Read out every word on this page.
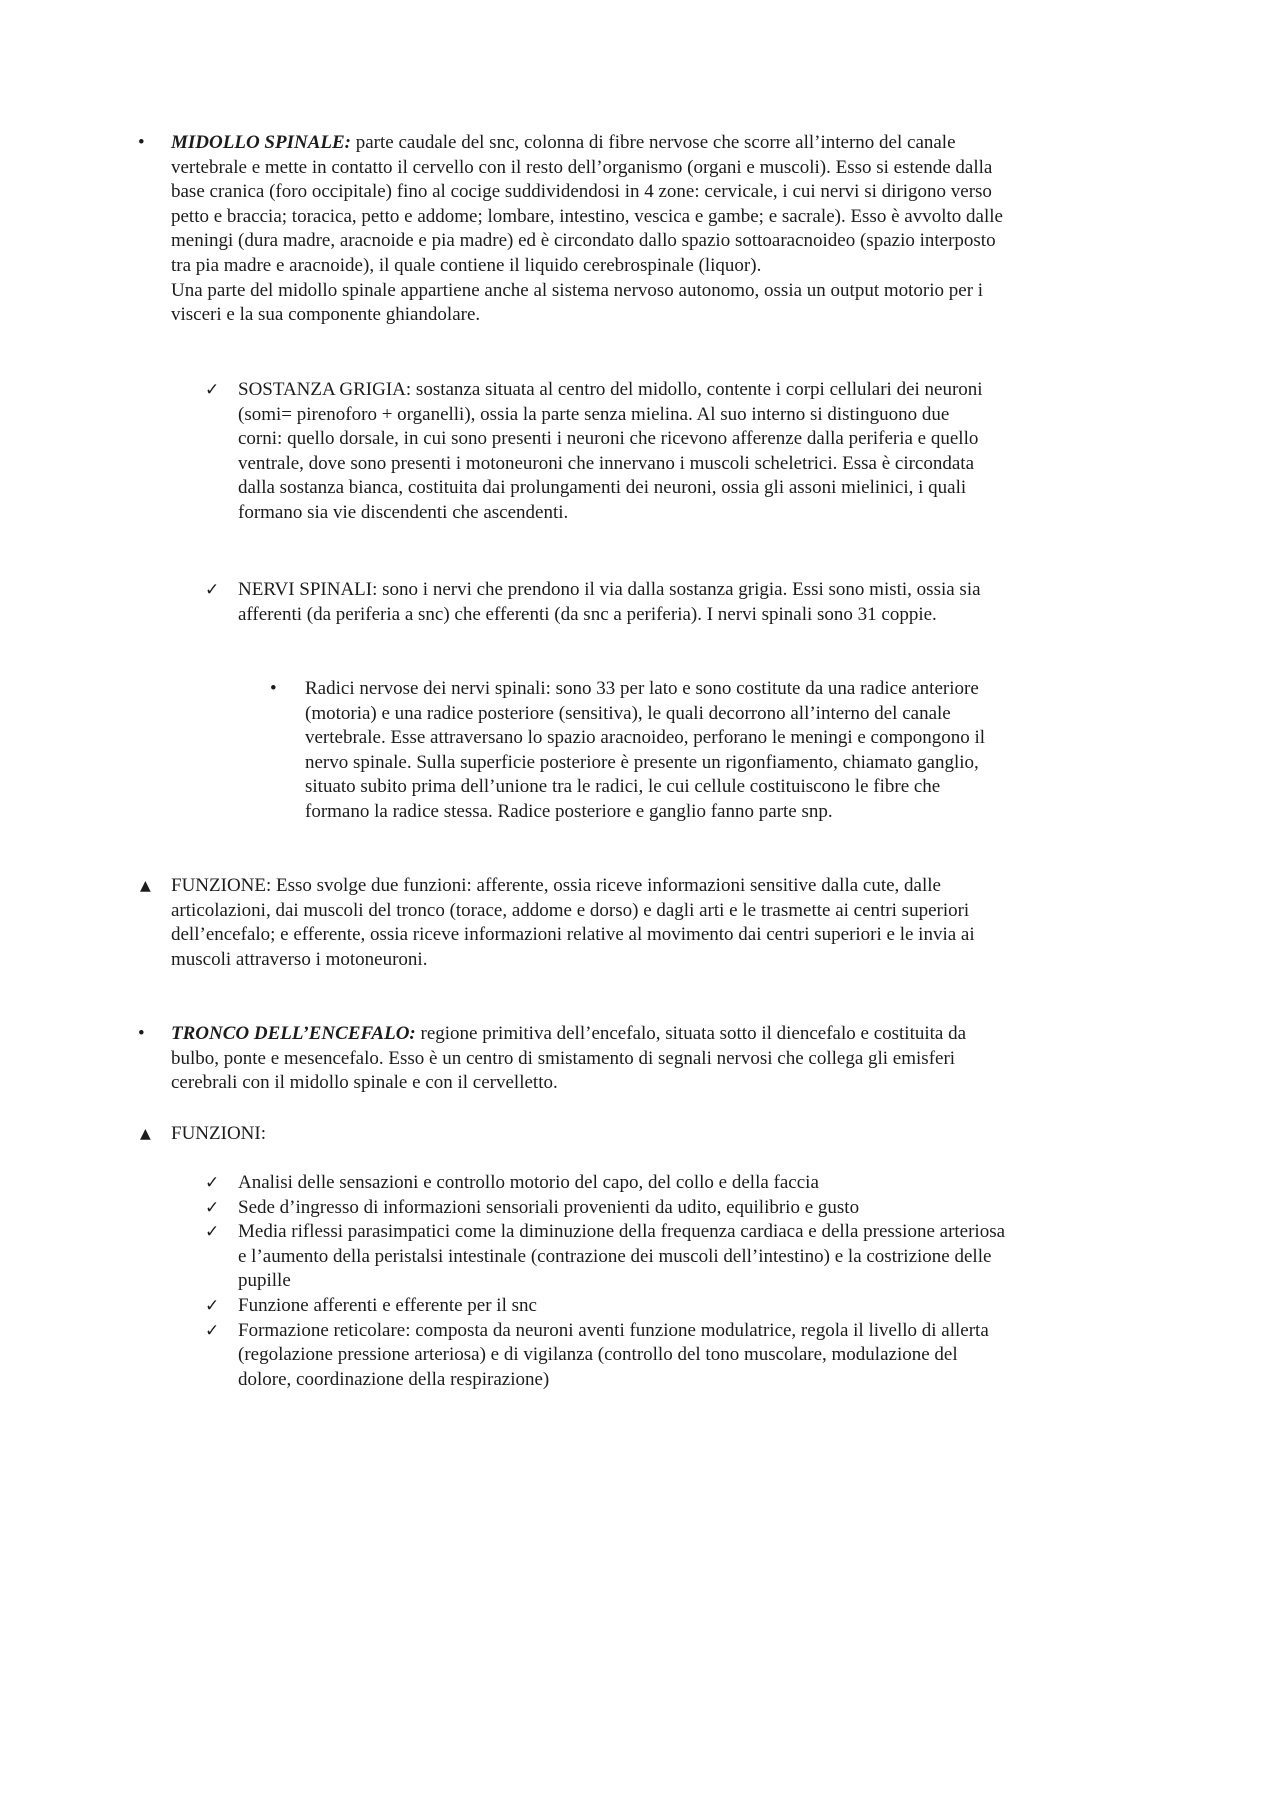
• MIDOLLO SPINALE: parte caudale del snc, colonna di fibre nervose che scorre all’interno del canale vertebrale e mette in contatto il cervello con il resto dell’organismo (organi e muscoli). Esso si estende dalla base cranica (foro occipitale) fino al cocige suddividendosi in 4 zone: cervicale, i cui nervi si dirigono verso petto e braccia; toracica, petto e addome; lombare, intestino, vescica e gambe; e sacrale). Esso è avvolto dalle meningi (dura madre, aracnoide e pia madre) ed è circondato dallo spazio sottoaracnoideo (spazio interposto tra pia madre e aracnoide), il quale contiene il liquido cerebrospinale (liquor).

Una parte del midollo spinale appartiene anche al sistema nervoso autonomo, ossia un output motorio per i visceri e la sua componente ghiandolare.

✓ SOSTANZA GRIGIA: sostanza situata al centro del midollo, contente i corpi cellulari dei neuroni (somi= pirenoforo + organelli), ossia la parte senza mielina. Al suo interno si distinguono due corni: quello dorsale, in cui sono presenti i neuroni che ricevono afferenze dalla periferia e quello ventrale, dove sono presenti i motoneuroni che innervano i muscoli scheletrici. Essa è circondata dalla sostanza bianca, costituita dai prolungamenti dei neuroni, ossia gli assoni mielinici, i quali formano sia vie discendenti che ascendenti.

✓ NERVI SPINALI: sono i nervi che prendono il via dalla sostanza grigia. Essi sono misti, ossia sia afferenti (da periferia a snc) che efferenti (da snc a periferia). I nervi spinali sono 31 coppie.

• Radici nervose dei nervi spinali: sono 33 per lato e sono costitute da una radice anteriore (motoria) e una radice posteriore (sensitiva), le quali decorrono all’interno del canale vertebrale. Esse attraversano lo spazio aracnoideo, perforano le meningi e compongono il nervo spinale. Sulla superficie posteriore è presente un rigonfiamento, chiamato ganglio, situato subito prima dell’unione tra le radici, le cui cellule costituiscono le fibre che formano la radice stessa. Radice posteriore e ganglio fanno parte snp.

▲ FUNZIONE: Esso svolge due funzioni: afferente, ossia riceve informazioni sensitive dalla cute, dalle articolazioni, dai muscoli del tronco (torace, addome e dorso) e dagli arti e le trasmette ai centri superiori dell’encefalo; e efferente, ossia riceve informazioni relative al movimento dai centri superiori e le invia ai muscoli attraverso i motoneuroni.

• TRONCO DELL’ENCEFALO: regione primitiva dell’encefalo, situata sotto il diencefalo e costituita da bulbo, ponte e mesencefalo. Esso è un centro di smistamento di segnali nervosi che collega gli emisferi cerebrali con il midollo spinale e con il cervelletto.

▲ FUNZIONI:

✓ Analisi delle sensazioni e controllo motorio del capo, del collo e della faccia
✓ Sede d’ingresso di informazioni sensoriali provenienti da udito, equilibrio e gusto
✓ Media riflessi parasimpatici come la diminuzione della frequenza cardiaca e della pressione arteriosa e l’aumento della peristalsi intestinale (contrazione dei muscoli dell’intestino) e la costrizione delle pupille
✓ Funzione afferenti e efferente per il snc
✓ Formazione reticolare: composta da neuroni aventi funzione modulatrice, regola il livello di allerta (regolazione pressione arteriosa) e di vigilanza (controllo del tono muscolare, modulazione del dolore, coordinazione della respirazione)
